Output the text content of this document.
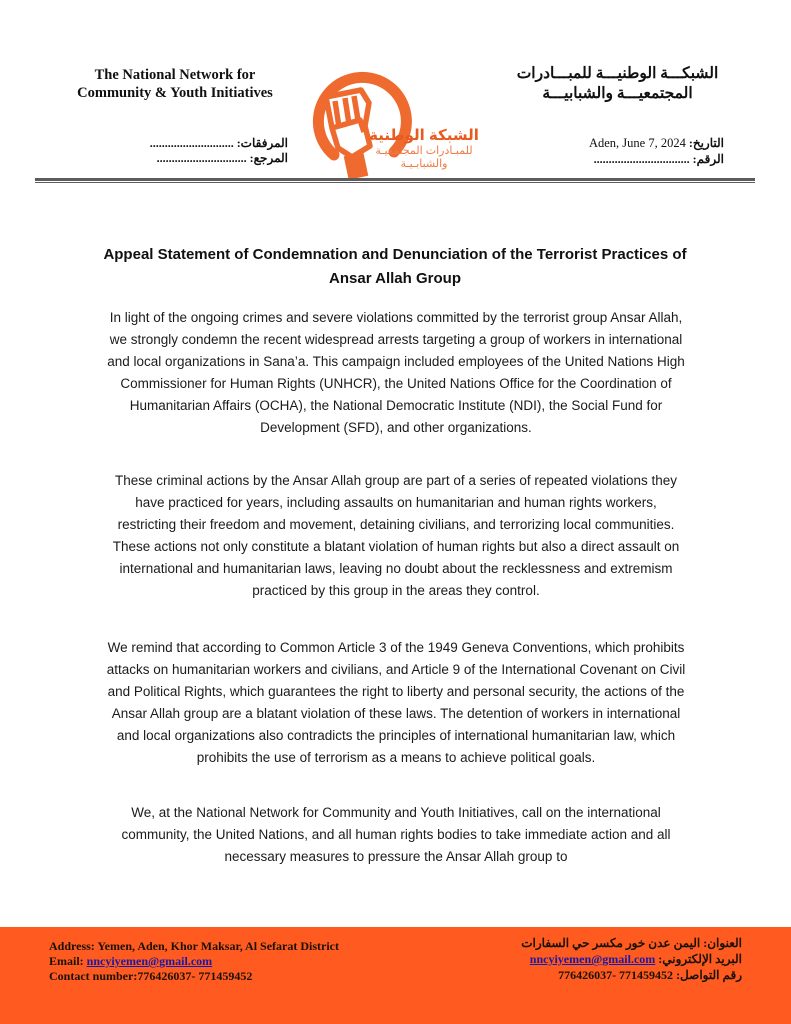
The National Network for
Community & Youth Initiatives
الشبكـــة الوطنيـــة للمبـــادرات
المجتمعيـــة والشبابيـــة
المرفقات: ............................
المرجع: ..............................
التاريخ: Aden, June 7, 2024
الرقم: ................................
الشبكة الوطنية
للمبـادرات المجتمعيـة
والشبابـيـة
Appeal Statement of Condemnation and Denunciation of the Terrorist Practices of Ansar Allah Group

In light of the ongoing crimes and severe violations committed by the terrorist group Ansar Allah, we strongly condemn the recent widespread arrests targeting a group of workers in international and local organizations in Sana’a. This campaign included employees of the United Nations High Commissioner for Human Rights (UNHCR), the United Nations Office for the Coordination of Humanitarian Affairs (OCHA), the National Democratic Institute (NDI), the Social Fund for Development (SFD), and other organizations.

These criminal actions by the Ansar Allah group are part of a series of repeated violations they have practiced for years, including assaults on humanitarian and human rights workers, restricting their freedom and movement, detaining civilians, and terrorizing local communities. These actions not only constitute a blatant violation of human rights but also a direct assault on international and humanitarian laws, leaving no doubt about the recklessness and extremism practiced by this group in the areas they control.

We remind that according to Common Article 3 of the 1949 Geneva Conventions, which prohibits attacks on humanitarian workers and civilians, and Article 9 of the International Covenant on Civil and Political Rights, which guarantees the right to liberty and personal security, the actions of the Ansar Allah group are a blatant violation of these laws. The detention of workers in international and local organizations also contradicts the principles of international humanitarian law, which prohibits the use of terrorism as a means to achieve political goals.

We, at the National Network for Community and Youth Initiatives, call on the international community, the United Nations, and all human rights bodies to take immediate action and all necessary measures to pressure the Ansar Allah group to

Address: Yemen, Aden, Khor Maksar, Al Sefarat District
Email: nncyiyemen@gmail.com
Contact number:776426037- 771459452
العنوان: اليمن عدن خور مكسر حي السفارات
البريد الإلكتروني: nncyiyemen@gmail.com
رقم التواصل: 776426037- 771459452
